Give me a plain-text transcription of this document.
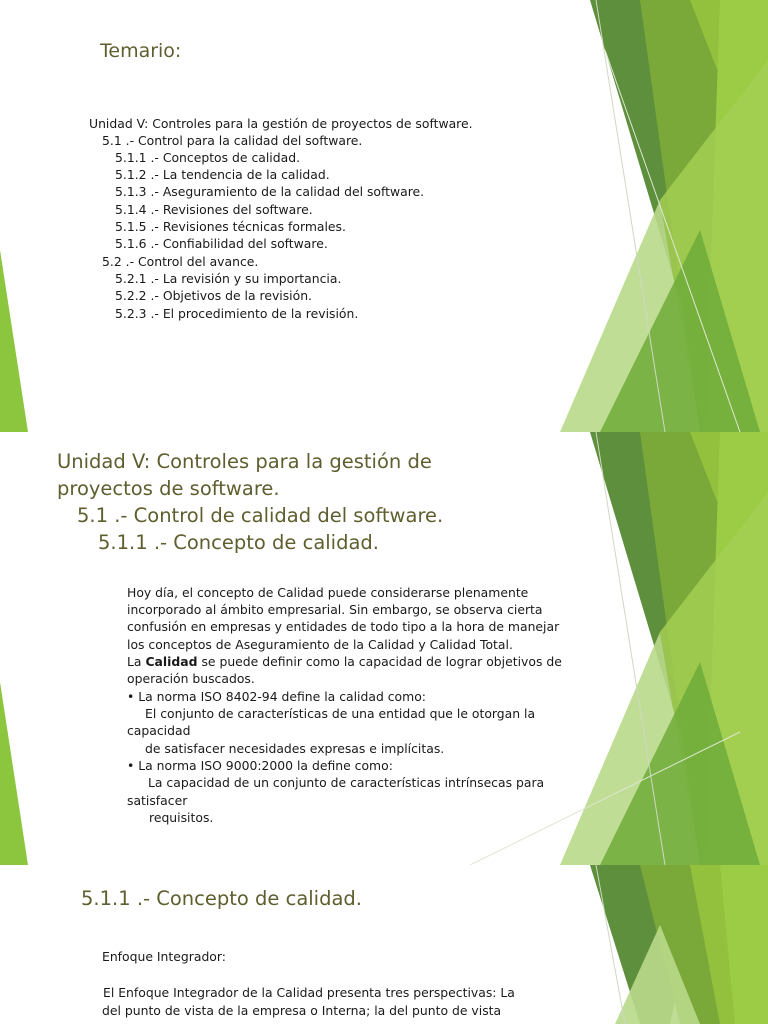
Temario:
Unidad V: Controles para la gestión de proyectos de software.
5.1 .- Control para la calidad del software.
5.1.1 .- Conceptos de calidad.
5.1.2 .- La tendencia de la calidad.
5.1.3 .- Aseguramiento de la calidad del software.
5.1.4 .- Revisiones del software.
5.1.5 .- Revisiones técnicas formales.
5.1.6 .- Confiabilidad del software.
5.2 .- Control del avance.
5.2.1 .- La revisión y su importancia.
5.2.2 .- Objetivos de la revisión.
5.2.3 .- El procedimiento de la revisión.
Unidad V: Controles para la gestión de
proyectos de software.
5.1 .- Control de calidad del software.
5.1.1 .- Concepto de calidad.
Hoy día, el concepto de Calidad puede considerarse plenamente
incorporado al ámbito empresarial. Sin embargo, se observa cierta
confusión en empresas y entidades de todo tipo a la hora de manejar
los conceptos de Aseguramiento de la Calidad y Calidad Total.
La Calidad se puede definir como la capacidad de lograr objetivos de
operación buscados.
• La norma ISO 8402-94 define la calidad como:
El conjunto de características de una entidad que le otorgan la
capacidad
de satisfacer necesidades expresas e implícitas.
• La norma ISO 9000:2000 la define como:
La capacidad de un conjunto de características intrínsecas para
satisfacer
requisitos.
5.1.1 .- Concepto de calidad.
Enfoque Integrador:
El Enfoque Integrador de la Calidad presenta tres perspectivas: La
del punto de vista de la empresa o Interna; la del punto de vista
